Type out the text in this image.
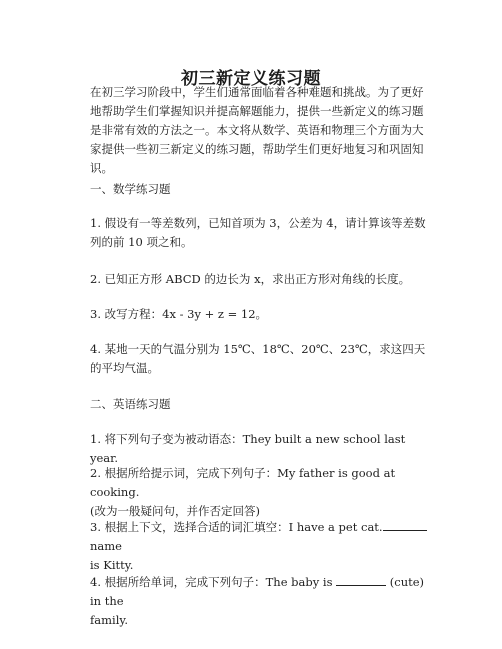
初三新定义练习题

在初三学习阶段中，学生们通常面临着各种难题和挑战。为了更好地帮助学生们掌握知识并提高解题能力，提供一些新定义的练习题是非常有效的方法之一。本文将从数学、英语和物理三个方面为大家提供一些初三新定义的练习题，帮助学生们更好地复习和巩固知识。

一、数学练习题
1. 假设有一等差数列，已知首项为 3，公差为 4，请计算该等差数列的前 10 项之和。
2. 已知正方形 ABCD 的边长为 x，求出正方形对角线的长度。
3. 改写方程：4x - 3y + z = 12。
4. 某地一天的气温分别为 15℃、18℃、20℃、23℃，求这四天的平均气温。
二、英语练习题
1. 将下列句子变为被动语态：They built a new school last year.
2. 根据所给提示词，完成下列句子：My father is good at cooking.
(改为一般疑问句，并作否定回答)
3. 根据上下文，选择合适的词汇填空：I have a pet cat.name
is Kitty.
4. 根据所给单词，完成下列句子：The baby is	(cute) in the
family.
